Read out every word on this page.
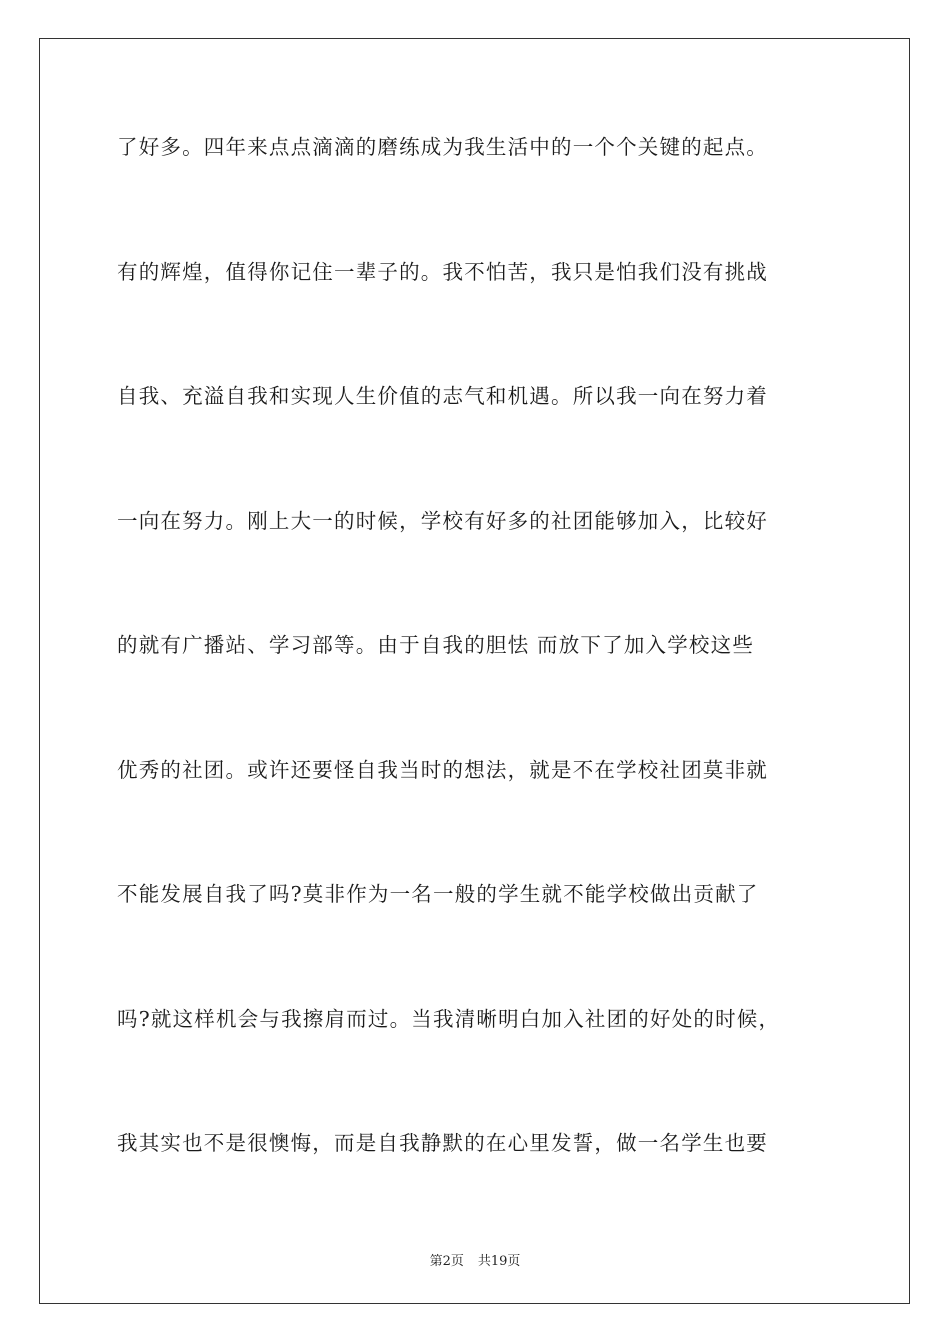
了好多。四年来点点滴滴的磨练成为我生活中的一个个关键的起点。
有的辉煌，值得你记住一辈子的。我不怕苦，我只是怕我们没有挑战
自我、充溢自我和实现人生价值的志气和机遇。所以我一向在努力着
一向在努力。刚上大一的时候，学校有好多的社团能够加入，比较好
的就有广播站、学习部等。由于自我的胆怯 而放下了加入学校这些
优秀的社团。或许还要怪自我当时的想法，就是不在学校社团莫非就
不能发展自我了吗?莫非作为一名一般的学生就不能学校做出贡献了
吗?就这样机会与我擦肩而过。当我清晰明白加入社团的好处的时候，
我其实也不是很懊悔，而是自我静默的在心里发誓，做一名学生也要
第2页 共19页
